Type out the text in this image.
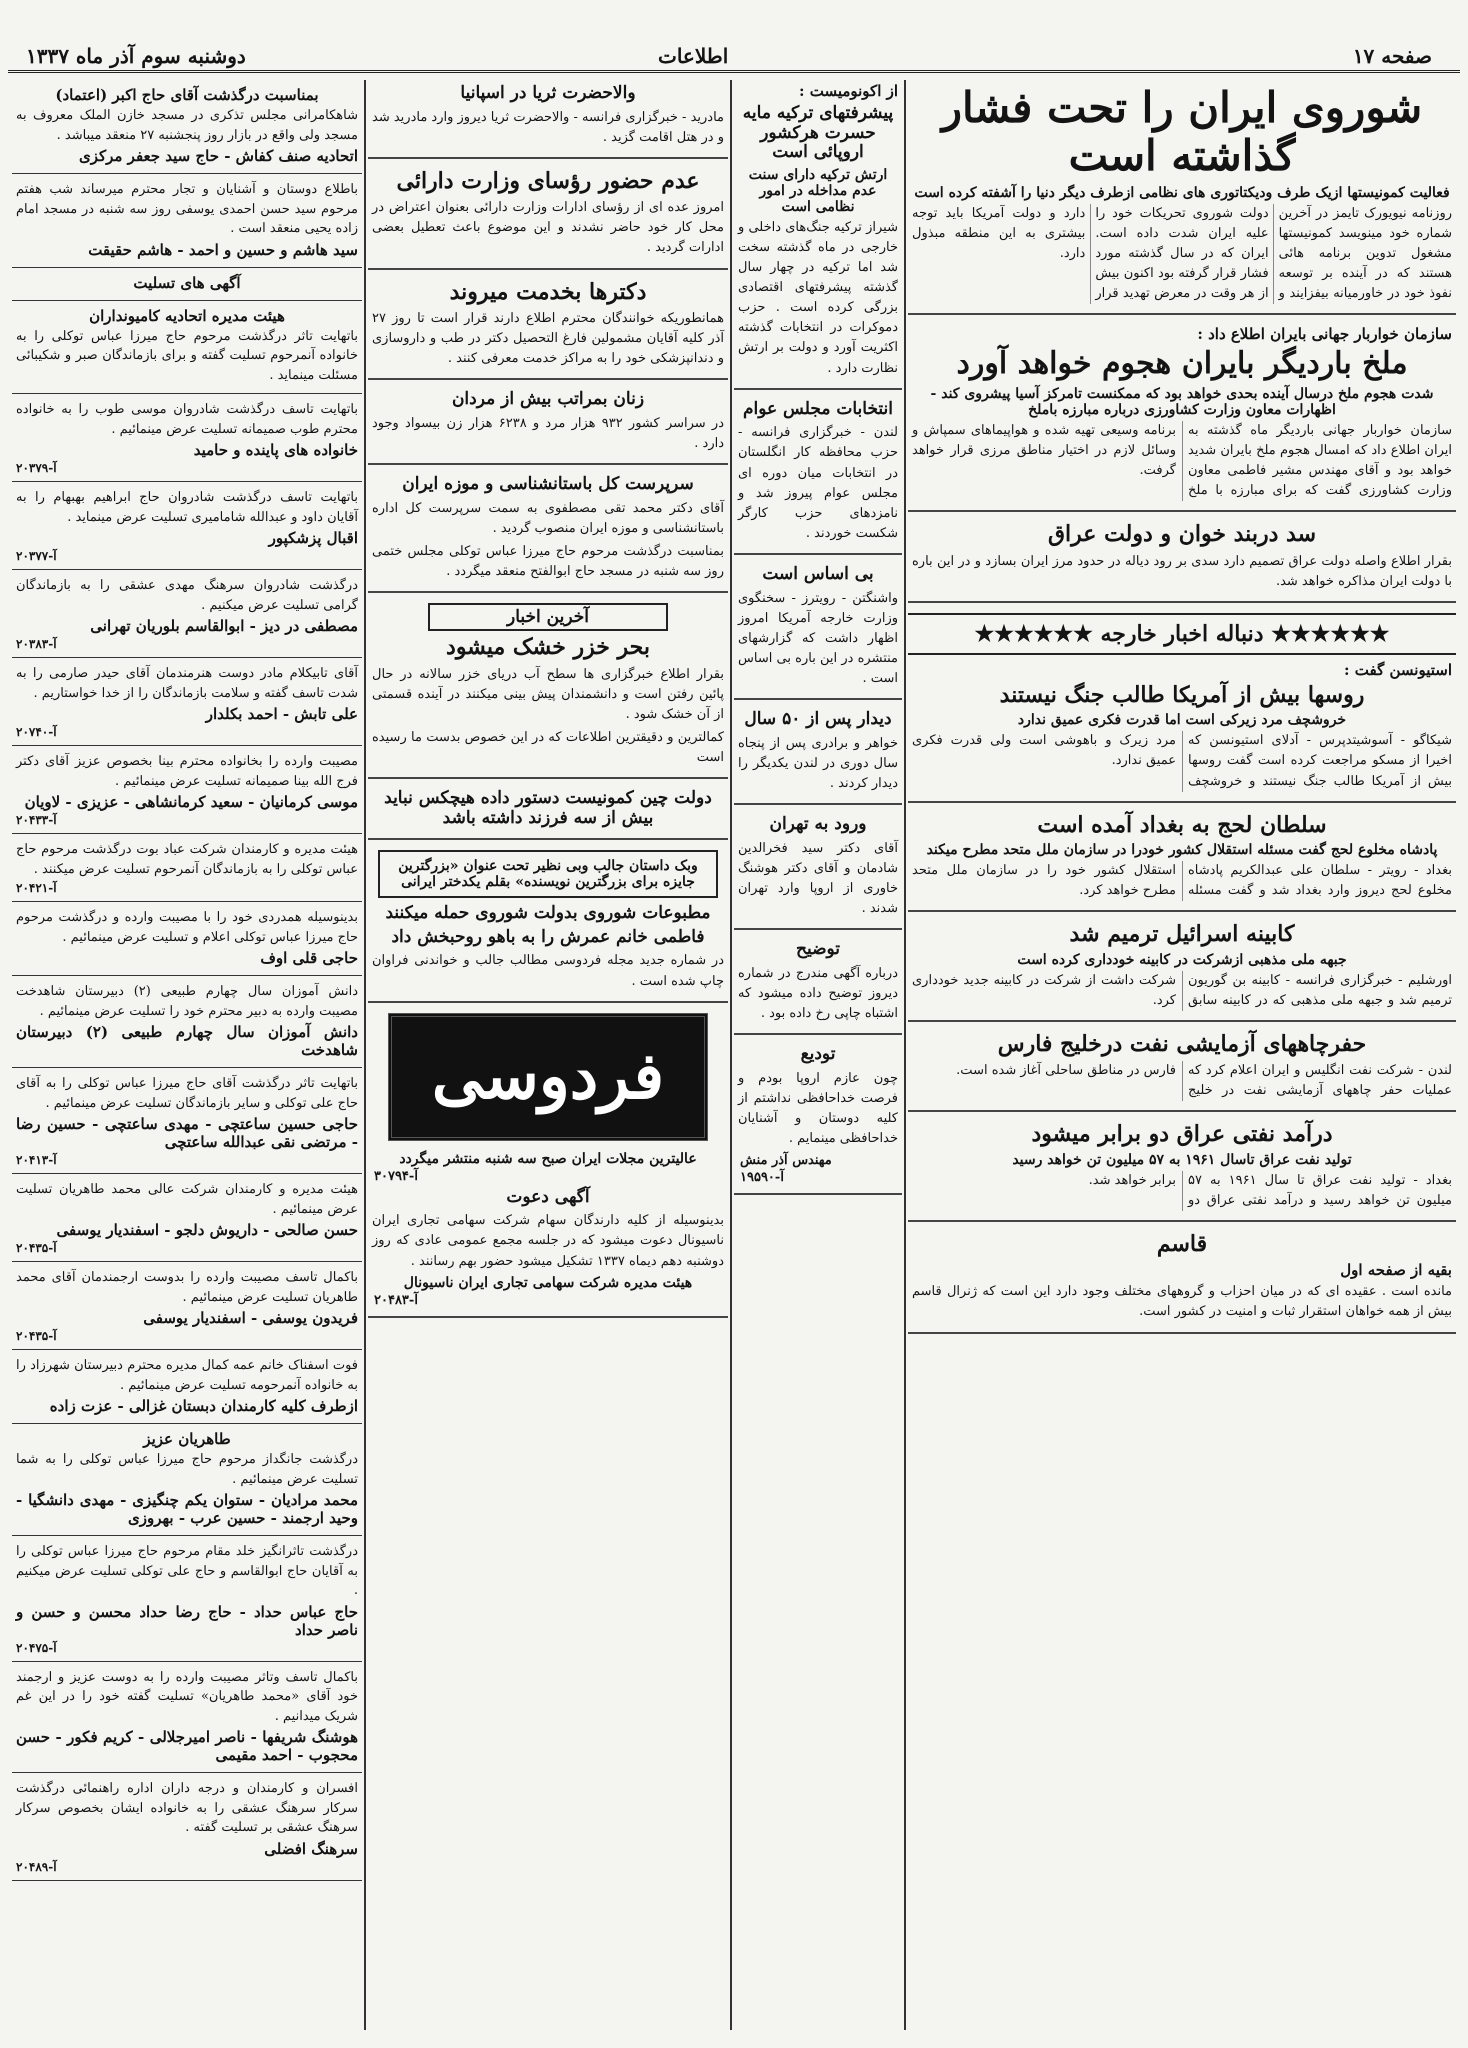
صفحه ۱۷
اطلاعات
دوشنبه سوم آذر ماه ۱۳۳۷
شوروی ایران را تحت فشار گذاشته است
فعالیت کمونیستها ازیک طرف ودیکتاتوری های نظامی ازطرف دیگر دنیا را آشفته کرده است

روزنامه نیویورک تایمز در آخرین شماره خود مینویسد کمونیستها مشغول تدوین برنامه هائی هستند که در آینده بر توسعه نفوذ خود در خاورمیانه بیفزایند و دولت شوروی تحریکات خود را علیه ایران شدت داده است. ایران که در سال گذشته مورد فشار قرار گرفته بود اکنون بیش از هر وقت در معرض تهدید قرار دارد و دولت آمریکا باید توجه بیشتری به این منطقه مبذول دارد.

سازمان خواربار جهانی بایران اطلاع داد :
ملخ باردیگر بایران هجوم خواهد آورد
شدت هجوم ملخ درسال آینده بحدی خواهد بود که ممکنست تامرکز آسیا پیشروی کند - اظهارات معاون وزارت کشاورزی درباره مبارزه باملخ

سازمان خواربار جهانی باردیگر ماه گذشته به ایران اطلاع داد که امسال هجوم ملخ بایران شدید خواهد بود و آقای مهندس مشیر فاطمی معاون وزارت کشاورزی گفت که برای مبارزه با ملخ برنامه وسیعی تهیه شده و هواپیماهای سمپاش و وسائل لازم در اختیار مناطق مرزی قرار خواهد گرفت.

سد دربند خوان و دولت عراق

بقرار اطلاع واصله دولت عراق تصمیم دارد سدی بر رود دیاله در حدود مرز ایران بسازد و در این باره با دولت ایران مذاکره خواهد شد.

★★★★★★ دنباله اخبار خارجه ★★★★★★
استیونسن گفت :
روسها بیش از آمریکا طالب جنگ نیستند
خروشچف مرد زیرکی است اما قدرت فکری عمیق ندارد

شیکاگو - آسوشیتدپرس - آدلای استیونسن که اخیرا از مسکو مراجعت کرده است گفت روسها بیش از آمریکا طالب جنگ نیستند و خروشچف مرد زیرک و باهوشی است ولی قدرت فکری عمیق ندارد.

سلطان لحج به بغداد آمده است
پادشاه مخلوع لحج گفت مسئله استقلال کشور خودرا در سازمان ملل متحد مطرح میکند

بغداد - رویتر - سلطان علی عبدالکریم پادشاه مخلوع لحج دیروز وارد بغداد شد و گفت مسئله استقلال کشور خود را در سازمان ملل متحد مطرح خواهد کرد.

کابینه اسرائیل ترمیم شد
جبهه ملی مذهبی ازشرکت در کابینه خودداری کرده است

اورشلیم - خبرگزاری فرانسه - کابینه بن گوریون ترمیم شد و جبهه ملی مذهبی که در کابینه سابق شرکت داشت از شرکت در کابینه جدید خودداری کرد.

حفرچاههای آزمایشی نفت درخلیج فارس

لندن - شرکت نفت انگلیس و ایران اعلام کرد که عملیات حفر چاههای آزمایشی نفت در خلیج فارس در مناطق ساحلی آغاز شده است.

درآمد نفتی عراق دو برابر میشود
تولید نفت عراق تاسال ۱۹۶۱ به ۵۷ میلیون تن خواهد رسید

بغداد - تولید نفت عراق تا سال ۱۹۶۱ به ۵۷ میلیون تن خواهد رسید و درآمد نفتی عراق دو برابر خواهد شد.

قاسم
بقیه از صفحه اول

مانده است . عقیده ای که در میان احزاب و گروههای مختلف وجود دارد این است که ژنرال قاسم بیش از همه خواهان استقرار ثبات و امنیت در کشور است.

از اکونومیست :
پیشرفتهای ترکیه مایه حسرت هرکشور اروپائی است
ارتش ترکیه دارای سنت عدم مداخله در امور نظامی است

شیراز ترکیه جنگ‌های داخلی و خارجی در ماه گذشته سخت شد اما ترکیه در چهار سال گذشته پیشرفتهای اقتصادی بزرگی کرده است . حزب دموکرات در انتخابات گذشته اکثریت آورد و دولت بر ارتش نظارت دارد .

انتخابات مجلس عوام

لندن - خبرگزاری فرانسه - حزب محافظه کار انگلستان در انتخابات میان دوره ای مجلس عوام پیروز شد و نامزدهای حزب کارگر شکست خوردند .

بی اساس است

واشنگتن - رویترز - سخنگوی وزارت خارجه آمریکا امروز اظهار داشت که گزارشهای منتشره در این باره بی اساس است .

دیدار پس از ۵۰ سال

خواهر و برادری پس از پنجاه سال دوری در لندن یکدیگر را دیدار کردند .

ورود به تهران

آقای دکتر سید فخرالدین شادمان و آقای دکتر هوشنگ خاوری از اروپا وارد تهران شدند .

توضیح

درباره آگهی مندرج در شماره دیروز توضیح داده میشود که اشتباه چاپی رخ داده بود .

تودیع

چون عازم اروپا بودم و فرصت خداحافظی نداشتم از کلیه دوستان و آشنایان خداحافظی مینمایم .

مهندس آذر منش
آ-۱۹۵۹۰
والاحضرت ثریا در اسپانیا

مادرید - خبرگزاری فرانسه - والاحضرت ثریا دیروز وارد مادرید شد و در هتل اقامت گزید .

عدم حضور رؤسای وزارت دارائی

امروز عده ای از رؤسای ادارات وزارت دارائی بعنوان اعتراض در محل کار خود حاضر نشدند و این موضوع باعث تعطیل بعضی ادارات گردید .

دکترها بخدمت میروند

همانطوریکه خوانندگان محترم اطلاع دارند قرار است تا روز ۲۷ آذر کلیه آقایان مشمولین فارغ التحصیل دکتر در طب و داروسازی و دندانپزشکی خود را به مراکز خدمت معرفی کنند .

زنان بمراتب بیش از مردان

در سراسر کشور ۹۳۲ هزار مرد و ۶۲۳۸ هزار زن بیسواد وجود دارد .

سرپرست کل باستانشناسی و موزه ایران

آقای دکتر محمد تقی مصطفوی به سمت سرپرست کل اداره باستانشناسی و موزه ایران منصوب گردید .

بمناسبت درگذشت مرحوم حاج میرزا عباس توکلی مجلس ختمی روز سه شنبه در مسجد حاج ابوالفتح منعقد میگردد .

آخرین اخبار
بحر خزر خشک میشود

بقرار اطلاع خبرگزاری ها سطح آب دریای خزر سالانه در حال پائین رفتن است و دانشمندان پیش بینی میکنند در آینده قسمتی از آن خشک شود .

کمالترین و دقیقترین اطلاعات که در این خصوص بدست ما رسیده است

دولت چین کمونیست دستور داده هیچکس نباید بیش از سه فرزند داشته باشد
وبک داستان جالب وبی نظیر تحت عنوان «بزرگترین جایزه برای بزرگترین نویسنده» بقلم یکدختر ایرانی
مطبوعات شوروی بدولت شوروی حمله میکنند
فاطمی خانم عمرش را به باهو روحبخش داد

در شماره جدید مجله فردوسی مطالب جالب و خواندنی فراوان چاپ شده است .

فردوسی
عالیترین مجلات ایران صبح سه شنبه منتشر میگردد
آ-۳۰۷۹۴
آگهی دعوت

بدینوسیله از کلیه دارندگان سهام شرکت سهامی تجاری ایران ناسیونال دعوت میشود که در جلسه مجمع عمومی عادی که روز دوشنبه دهم دیماه ۱۳۳۷ تشکیل میشود حضور بهم رسانند .

هیئت مدیره شرکت سهامی تجاری ایران ناسیونال
آ-۲۰۴۸۳
بمناسبت درگذشت آقای حاج اکبر (اعتماد)
شاهکامرانی مجلس تذکری در مسجد خازن الملک معروف به مسجد ولی واقع در بازار روز پنجشنبه ۲۷ منعقد میباشد .
اتحادیه صنف کفاش - حاج سید جعفر مرکزی
باطلاع دوستان و آشنایان و تجار محترم میرساند شب هفتم مرحوم سید حسن احمدی یوسفی روز سه شنبه در مسجد امام زاده یحیی منعقد است .
سید هاشم و حسین و احمد - هاشم حقیقت
آگهی های تسلیت
هیئت مدیره اتحادیه کامیونداران
باتهایت تاثر درگذشت مرحوم حاج میرزا عباس توکلی را به خانواده آنمرحوم تسلیت گفته و برای بازماندگان صبر و شکیبائی مسئلت مینماید .
باتهایت تاسف درگذشت شادروان موسی طوب را به خانواده محترم طوب صمیمانه تسلیت عرض مینمائیم .
خانواده های پاینده و حامید
آ-۲۰۳۷۹
باتهایت تاسف درگذشت شادروان حاج ابراهیم بهبهام را به آقایان داود و عبدالله شامامیری تسلیت عرض مینماید .
اقبال پزشکپور
آ-۲۰۳۷۷
درگذشت شادروان سرهنگ مهدی عشقی را به بازماندگان گرامی تسلیت عرض میکنیم .
مصطفی در دیز - ابوالقاسم بلوریان تهرانی
آ-۲۰۳۸۳
آقای تابیکلام مادر دوست هنرمندمان آقای حیدر صارمی را به شدت تاسف گفته و سلامت بازماندگان را از خدا خواستاریم .
علی تابش - احمد بکلدار
آ-۲۰۷۴۰
مصیبت وارده را بخانواده محترم بینا بخصوص عزیز آقای دکتر فرج الله بینا صمیمانه تسلیت عرض مینمائیم .
موسی کرمانیان - سعید کرمانشاهی - عزیزی - لاویان
آ-۲۰۴۳۳
هیئت مدیره و کارمندان شرکت عباد بوت درگذشت مرحوم حاج عباس توکلی را به بازماندگان آنمرحوم تسلیت عرض میکنند .
آ-۲۰۴۲۱
بدینوسیله همدردی خود را با مصیبت وارده و درگذشت مرحوم حاج میرزا عباس توکلی اعلام و تسلیت عرض مینمائیم .
حاجی قلی اوف
دانش آموزان سال چهارم طبیعی (۲) دبیرستان شاهدخت مصیبت وارده به دبیر محترم خود را تسلیت عرض مینمائیم .
دانش آموزان سال چهارم طبیعی (۲) دبیرستان شاهدخت
باتهایت تاثر درگذشت آقای حاج میرزا عباس توکلی را به آقای حاج علی توکلی و سایر بازماندگان تسلیت عرض مینمائیم .
حاجی حسین ساعتچی - مهدی ساعتچی - حسین رضا - مرتضی نقی عبدالله ساعتچی
آ-۲۰۴۱۳
هیئت مدیره و کارمندان شرکت عالی محمد طاهریان تسلیت عرض مینمائیم .
حسن صالحی - داریوش دلجو - اسفندیار یوسفی
آ-۲۰۴۳۵
باکمال تاسف مصیبت وارده را بدوست ارجمندمان آقای محمد طاهریان تسلیت عرض مینمائیم .
فریدون یوسفی - اسفندیار یوسفی
آ-۲۰۴۳۵
فوت اسفناک خانم عمه کمال مدیره محترم دبیرستان شهرزاد را به خانواده آنمرحومه تسلیت عرض مینمائیم .
ازطرف کلیه کارمندان دبستان غزالی - عزت زاده
طاهریان عزیز
درگذشت جانگداز مرحوم حاج میرزا عباس توکلی را به شما تسلیت عرض مینمائیم .
محمد مرادیان - ستوان یکم چنگیزی - مهدی دانشگیا - وحید ارجمند - حسین عرب - بهروزی
درگذشت تاثرانگیز خلد مقام مرحوم حاج میرزا عباس توکلی را به آقایان حاج ابوالقاسم و حاج علی توکلی تسلیت عرض میکنیم .
حاج عباس حداد - حاج رضا حداد محسن و حسن و ناصر حداد
آ-۲۰۴۷۵
باکمال تاسف وتاثر مصیبت وارده را به دوست عزیز و ارجمند خود آقای «محمد طاهریان» تسلیت گفته خود را در این غم شریک میدانیم .
هوشنگ شریفها - ناصر امیرجلالی - کریم فکور - حسن محجوب - احمد مقیمی
افسران و کارمندان و درجه داران اداره راهنمائی درگذشت سرکار سرهنگ عشقی را به خانواده ایشان بخصوص سرکار سرهنگ عشقی بر تسلیت گفته .
سرهنگ افضلی
آ-۲۰۴۸۹
